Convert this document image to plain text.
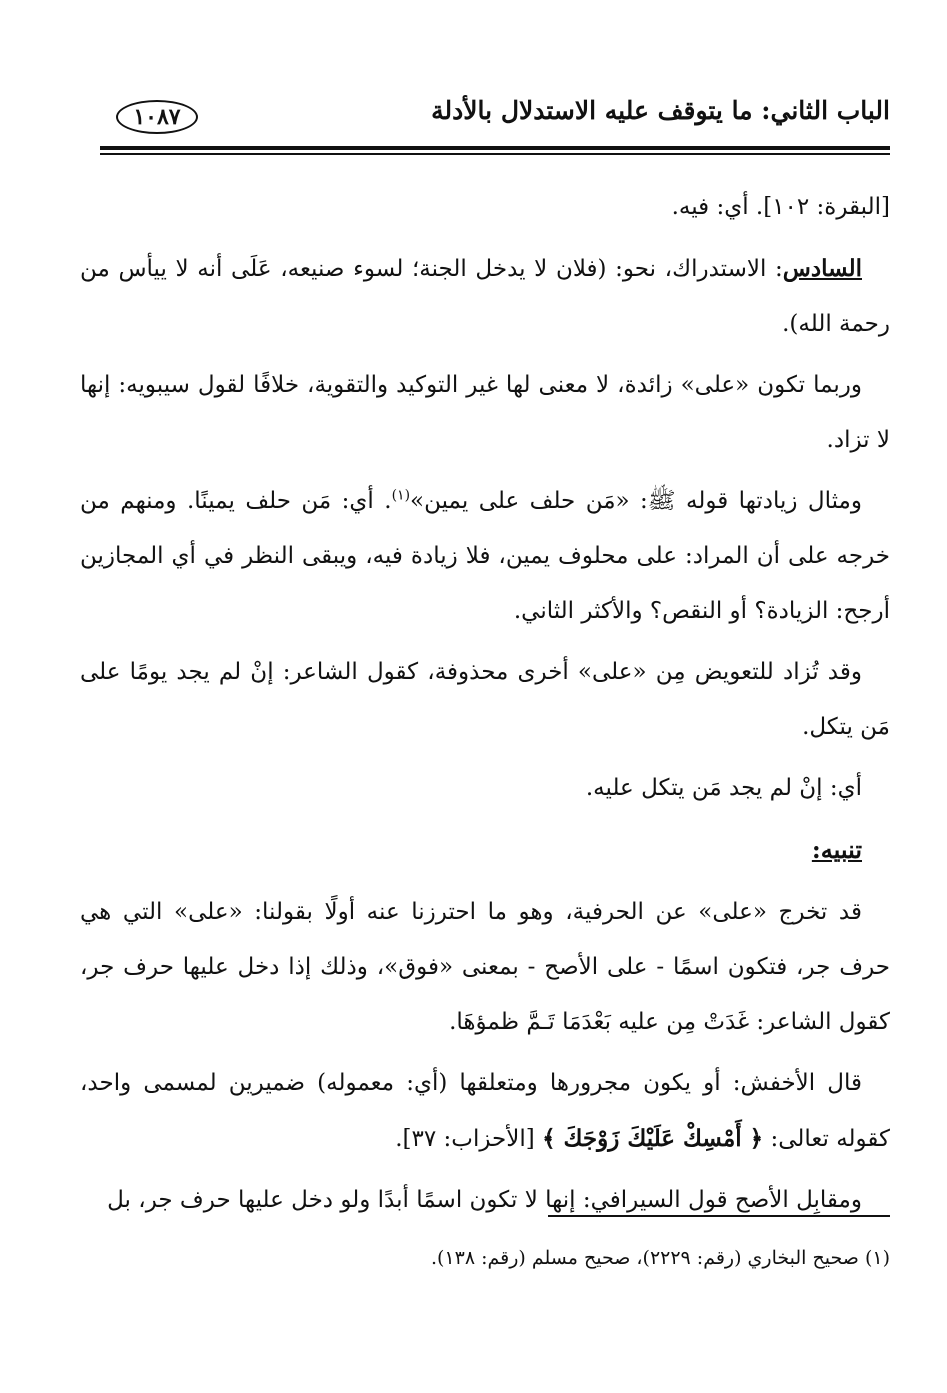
الباب الثاني: ما يتوقف عليه الاستدلال بالأدلة
١٠٨٧

[البقرة: ١٠٢]. أي: فيه.

السادس: الاستدراك، نحو: (فلان لا يدخل الجنة؛ لسوء صنيعه، عَلَى أنه لا ييأس من رحمة الله).

وربما تكون «على» زائدة، لا معنى لها غير التوكيد والتقوية، خلافًا لقول سيبويه: إنها لا تزاد.

ومثال زيادتها قوله ﷺ: «مَن حلف على يمين»$^{(١)}$. أي: مَن حلف يمينًا. ومنهم من خرجه على أن المراد: على محلوف يمين، فلا زيادة فيه، ويبقى النظر في أي المجازين أرجح: الزيادة؟ أو النقص؟ والأكثر الثاني.

وقد تُزاد للتعويض مِن «على» أخرى محذوفة، كقول الشاعر: إنْ لم يجد يومًا على مَن يتكل.

أي: إنْ لم يجد مَن يتكل عليه.

تنبيه:

قد تخرج «على» عن الحرفية، وهو ما احترزنا عنه أولًا بقولنا: «على» التي هي حرف جر، فتكون اسمًا - على الأصح - بمعنى «فوق»، وذلك إذا دخل عليها حرف جر، كقول الشاعر: غَدَتْ مِن عليه بَعْدَمَا تَـمَّ ظمؤهَا.

قال الأخفش: أو يكون مجرورها ومتعلقها (أي: معموله) ضميرين لمسمى واحد، كقوله تعالى: ﴿ أَمْسِكْ عَلَيْكَ زَوْجَكَ ﴾ [الأحزاب: ٣٧].

ومقابِل الأصح قول السيرافي: إنها لا تكون اسمًا أبدًا ولو دخل عليها حرف جر، بل

(١) صحيح البخاري (رقم: ٢٢٢٩)، صحيح مسلم (رقم: ١٣٨).
